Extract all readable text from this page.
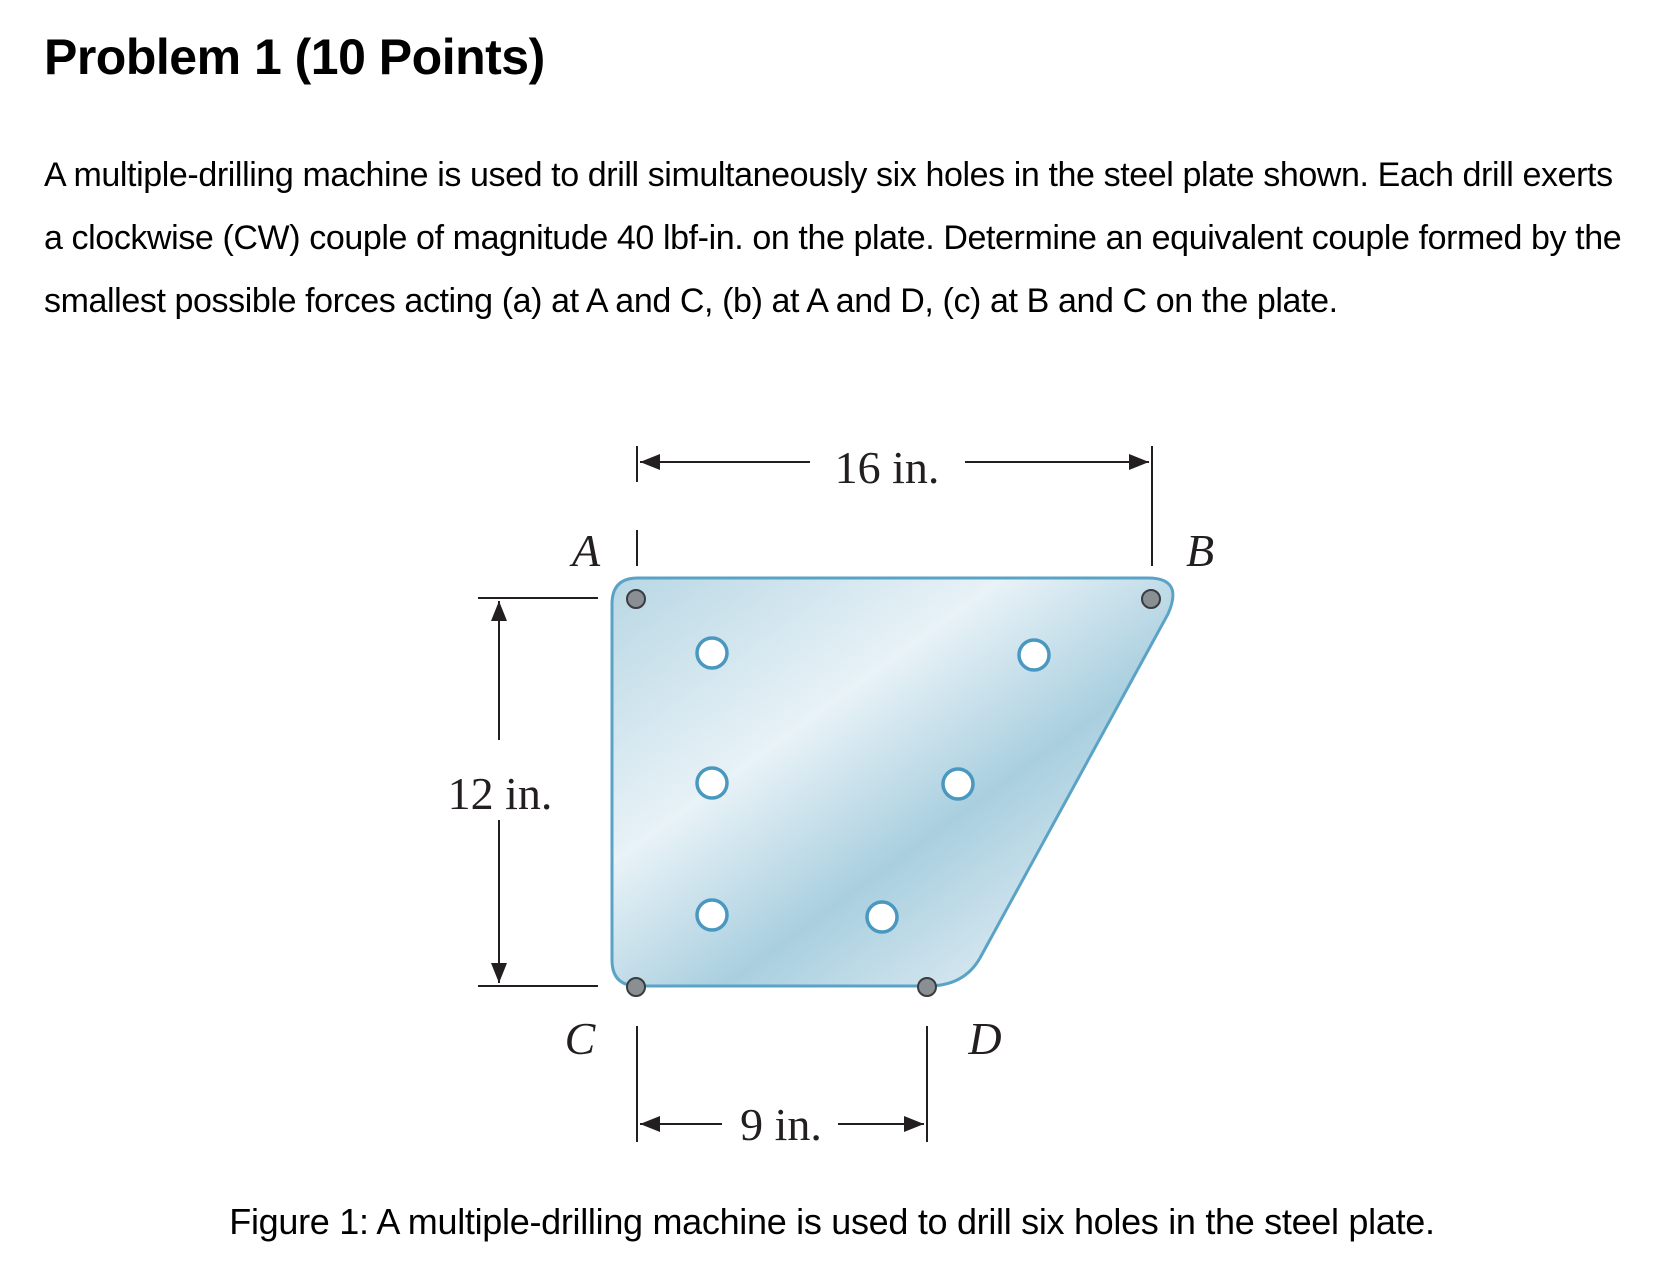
Problem 1 (10 Points)

A multiple-drilling machine is used to drill simultaneously six holes in the steel plate shown. Each drill exerts a clockwise (CW) couple of magnitude 40 lbf-in. on the plate. Determine an equivalent couple formed by the smallest possible forces acting (a) at A and C, (b) at A and D, (c) at B and C on the plate.

16 in.
12 in.
9 in.
A	B
C	D

Figure 1: A multiple-drilling machine is used to drill six holes in the steel plate.
